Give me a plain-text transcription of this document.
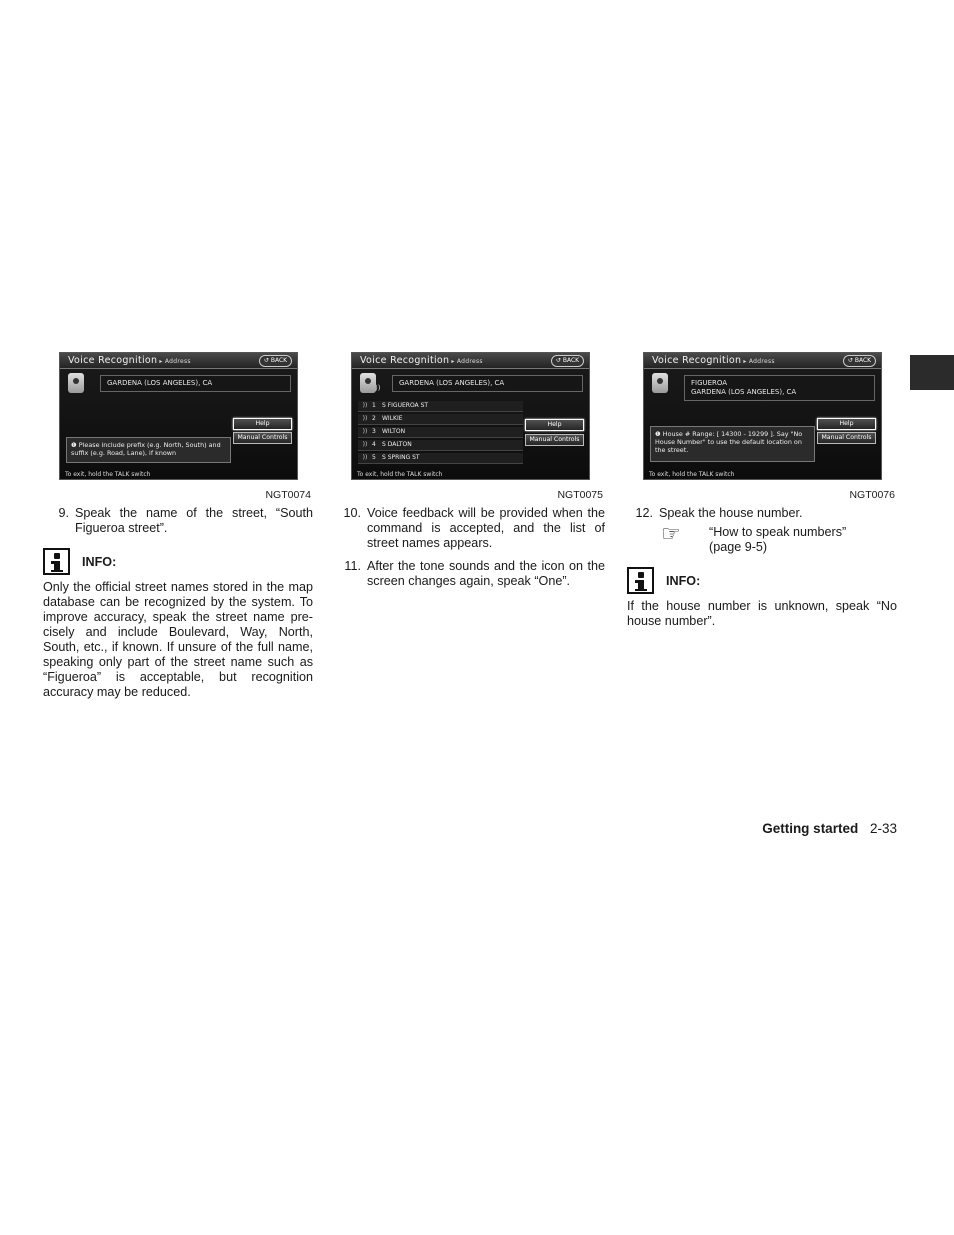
Voice Recognition ▸ Address	↺ BACK
GARDENA (LOS ANGELES), CA
Help
Manual Controls
❶ Please include prefix (e.g. North, South) and suffix (e.g. Road, Lane), if known
To exit, hold the TALK switch
NGT0074
9. Speak the name of the street, “South Figueroa street”.
INFO:
Only the official street names stored in the map database can be recognized by the system. To improve accuracy, speak the street name pre- cisely and include Boulevard, Way, North, South, etc., if known. If unsure of the full name, speaking only part of the street name such as “Figueroa” is acceptable, but recognition accuracy may be reduced.
Voice Recognition ▸ Address	↺ BACK
))
GARDENA (LOS ANGELES), CA
)) 1	S FIGUEROA ST
)) 2	WILKIE
)) 3	WILTON
)) 4	S DALTON
)) 5	S SPRING ST
Help
Manual Controls
To exit, hold the TALK switch
NGT0075
10. Voice feedback will be provided when the command is accepted, and the list of street names appears.
11. After the tone sounds and the icon on the screen changes again, speak “One”.
Voice Recognition ▸ Address	↺ BACK
FIGUEROA
GARDENA (LOS ANGELES), CA
Help
Manual Controls
❶ House # Range: [ 14300 - 19299 ]. Say "No House Number" to use the default location on the street.
To exit, hold the TALK switch
NGT0076
12. Speak the house number.
☞	“How to speak numbers”
(page 9-5)
INFO:
If the house number is unknown, speak “No house number”.
Getting started 2-33
